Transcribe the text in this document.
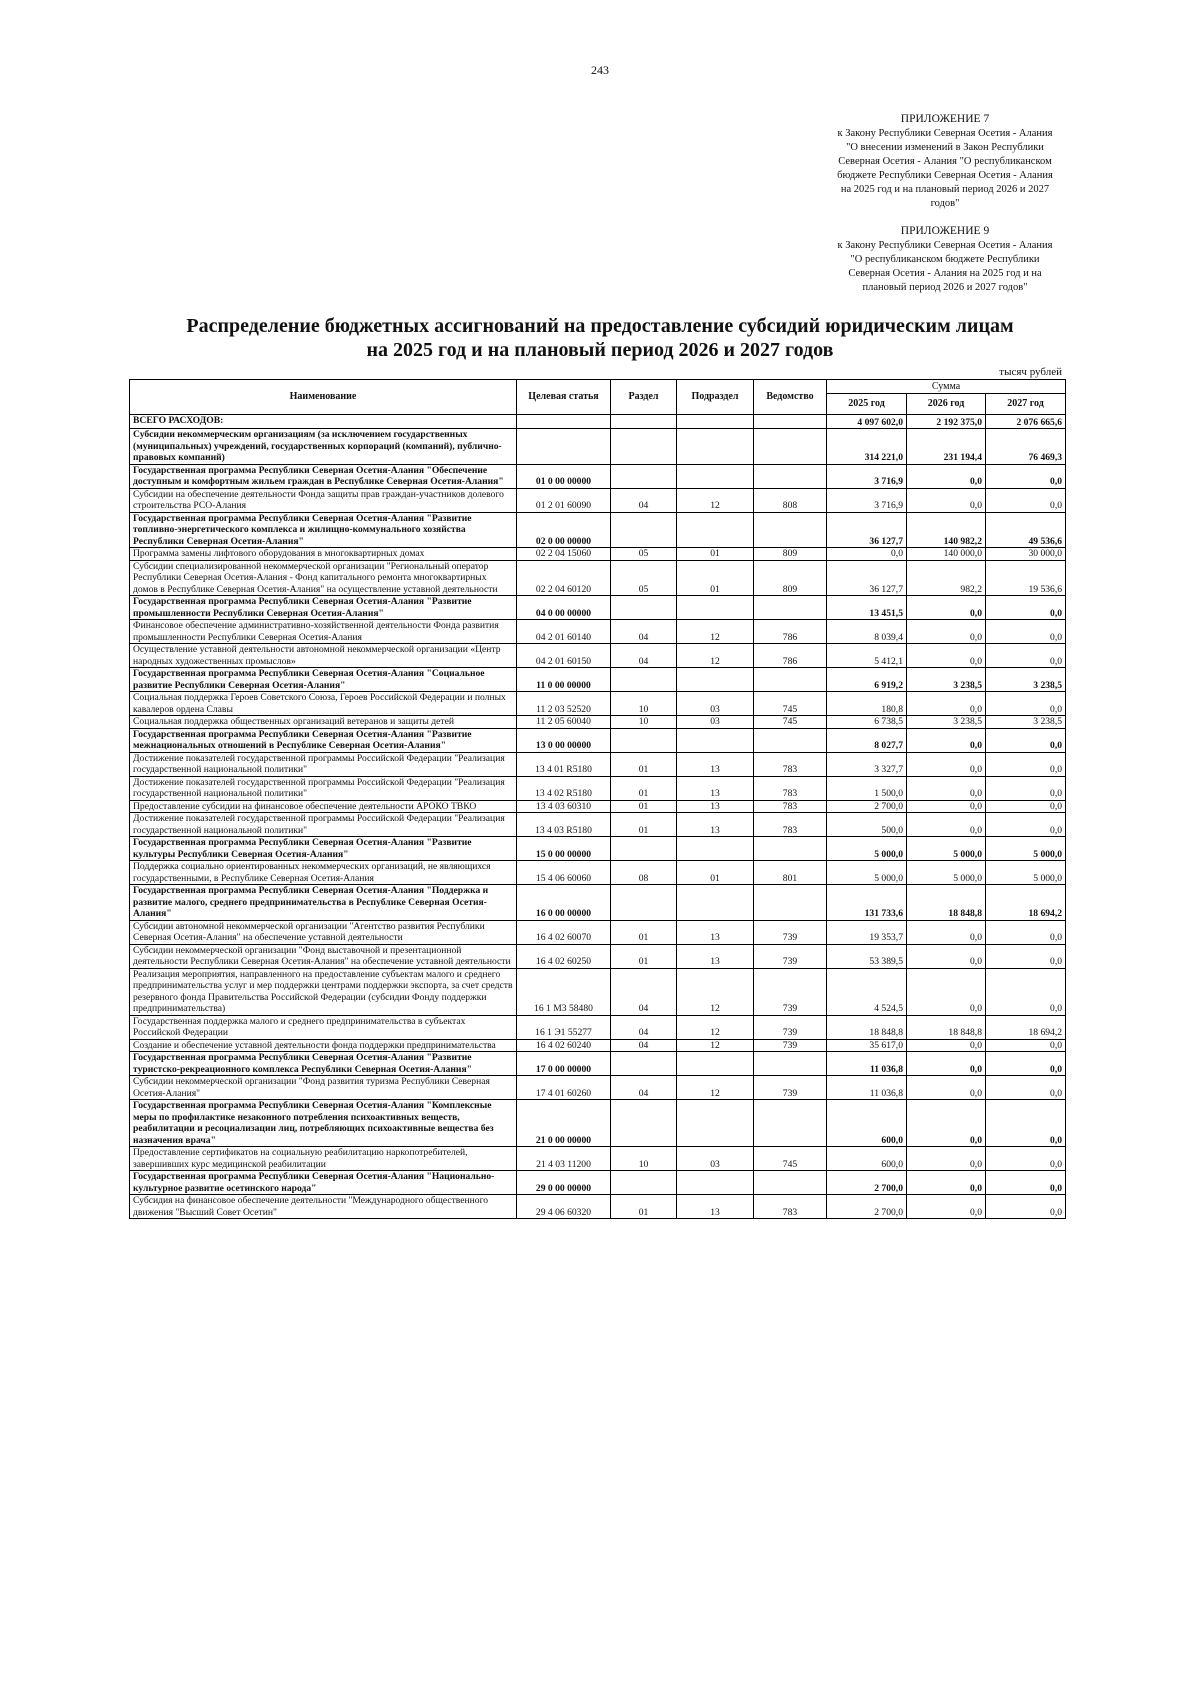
243
ПРИЛОЖЕНИЕ 7
к Закону Республики Северная Осетия - Алания "О внесении изменений в Закон Республики Северная Осетия - Алания "О республиканском бюджете Республики Северная Осетия - Алания на 2025 год и на плановый период 2026 и 2027 годов"
ПРИЛОЖЕНИЕ 9
к Закону Республики Северная Осетия - Алания "О республиканском бюджете Республики Северная Осетия - Алания на 2025 год и на плановый период 2026 и 2027 годов"
Распределение бюджетных ассигнований на предоставление субсидий юридическим лицам
на 2025 год и на плановый период 2026 и 2027 годов
тысяч рублей
Наименование	Целевая статья	Раздел	Подраздел	Ведомство	Сумма		
					2025 год	2026 год	2027 год
ВСЕГО РАСХОДОВ:					4 097 602,0	2 192 375,0	2 076 665,6
Субсидии некоммерческим организациям (за исключением государственных (муниципальных) учреждений, государственных корпораций (компаний), публично-правовых компаний)					314 221,0	231 194,4	76 469,3
Государственная программа Республики Северная Осетия-Алания "Обеспечение доступным и комфортным жильем граждан в Республике Северная Осетия-Алания"	01 0 00 00000				3 716,9	0,0	0,0
Субсидии на обеспечение деятельности Фонда защиты прав граждан-участников долевого строительства РСО-Алания	01 2 01 60090	04	12	808	3 716,9	0,0	0,0
Государственная программа Республики Северная Осетия-Алания "Развитие топливно-энергетического комплекса и жилищно-коммунального хозяйства Республики Северная Осетия-Алания"	02 0 00 00000				36 127,7	140 982,2	49 536,6
Программа замены лифтового оборудования в многоквартирных домах	02 2 04 15060	05	01	809	0,0	140 000,0	30 000,0
Субсидии специализированной некоммерческой организации "Региональный оператор Республики Северная Осетия-Алания - Фонд капитального ремонта многоквартирных домов в Республике Северная Осетия-Алания" на осуществление уставной деятельности	02 2 04 60120	05	01	809	36 127,7	982,2	19 536,6
Государственная программа Республики Северная Осетия-Алания "Развитие промышленности Республики Северная Осетия-Алания"	04 0 00 00000				13 451,5	0,0	0,0
Финансовое обеспечение административно-хозяйственной деятельности Фонда развития промышленности Республики Северная Осетия-Алания	04 2 01 60140	04	12	786	8 039,4	0,0	0,0
Осуществление уставной деятельности автономной некоммерческой организации «Центр народных художественных промыслов»	04 2 01 60150	04	12	786	5 412,1	0,0	0,0
Государственная программа Республики Северная Осетия-Алания "Социальное развитие Республики Северная Осетия-Алания"	11 0 00 00000				6 919,2	3 238,5	3 238,5
Социальная поддержка Героев Советского Союза, Героев Российской Федерации и полных кавалеров ордена Славы	11 2 03 52520	10	03	745	180,8	0,0	0,0
Социальная поддержка общественных организаций ветеранов и защиты детей	11 2 05 60040	10	03	745	6 738,5	3 238,5	3 238,5
Государственная программа Республики Северная Осетия-Алания "Развитие межнациональных отношений в Республике Северная Осетия-Алания"	13 0 00 00000				8 027,7	0,0	0,0
Достижение показателей государственной программы Российской Федерации "Реализация государственной национальной политики"	13 4 01 R5180	01	13	783	3 327,7	0,0	0,0
Достижение показателей государственной программы Российской Федерации "Реализация государственной национальной политики"	13 4 02 R5180	01	13	783	1 500,0	0,0	0,0
Предоставление субсидии на финансовое обеспечение деятельности АРОКО ТВКО	13 4 03 60310	01	13	783	2 700,0	0,0	0,0
Достижение показателей государственной программы Российской Федерации "Реализация государственной национальной политики"	13 4 03 R5180	01	13	783	500,0	0,0	0,0
Государственная программа Республики Северная Осетия-Алания "Развитие культуры Республики Северная Осетия-Алания"	15 0 00 00000				5 000,0	5 000,0	5 000,0
Поддержка социально ориентированных некоммерческих организаций, не являющихся государственными, в Республике Северная Осетия-Алания	15 4 06 60060	08	01	801	5 000,0	5 000,0	5 000,0
Государственная программа Республики Северная Осетия-Алания "Поддержка и развитие малого, среднего предпринимательства в Республике Северная Осетия-Алания"	16 0 00 00000				131 733,6	18 848,8	18 694,2
Субсидии автономной некоммерческой организации "Агентство развития Республики Северная Осетия-Алания" на обеспечение уставной деятельности	16 4 02 60070	01	13	739	19 353,7	0,0	0,0
Субсидии некоммерческой организации "Фонд выставочной и презентационной деятельности Республики Северная Осетия-Алания" на обеспечение уставной деятельности	16 4 02 60250	01	13	739	53 389,5	0,0	0,0
Реализация мероприятия, направленного на предоставление субъектам малого и среднего предпринимательства услуг и мер поддержки центрами поддержки экспорта, за счет средств резервного фонда Правительства Российской Федерации (субсидии Фонду поддержки предпринимательства)	16 1 М3 58480	04	12	739	4 524,5	0,0	0,0
Государственная поддержка малого и среднего предпринимательства в субъектах Российской Федерации	16 1 Э1 55277	04	12	739	18 848,8	18 848,8	18 694,2
Создание и обеспечение уставной деятельности фонда поддержки предпринимательства	16 4 02 60240	04	12	739	35 617,0	0,0	0,0
Государственная программа Республики Северная Осетия-Алания "Развитие туристско-рекреационного комплекса Республики Северная Осетия-Алания"	17 0 00 00000				11 036,8	0,0	0,0
Субсидии некоммерческой организации "Фонд развития туризма Республики Северная Осетия-Алания"	17 4 01 60260	04	12	739	11 036,8	0,0	0,0
Государственная программа Республики Северная Осетия-Алания "Комплексные меры по профилактике незаконного потребления психоактивных веществ, реабилитации и ресоциализации лиц, потребляющих психоактивные вещества без назначения врача"	21 0 00 00000				600,0	0,0	0,0
Предоставление сертификатов на социальную реабилитацию наркопотребителей, завершивших курс медицинской реабилитации	21 4 03 11200	10	03	745	600,0	0,0	0,0
Государственная программа Республики Северная Осетия-Алания "Национально-культурное развитие осетинского народа"	29 0 00 00000				2 700,0	0,0	0,0
Субсидия на финансовое обеспечение деятельности "Международного общественного движения "Высший Совет Осетин"	29 4 06 60320	01	13	783	2 700,0	0,0	0,0
